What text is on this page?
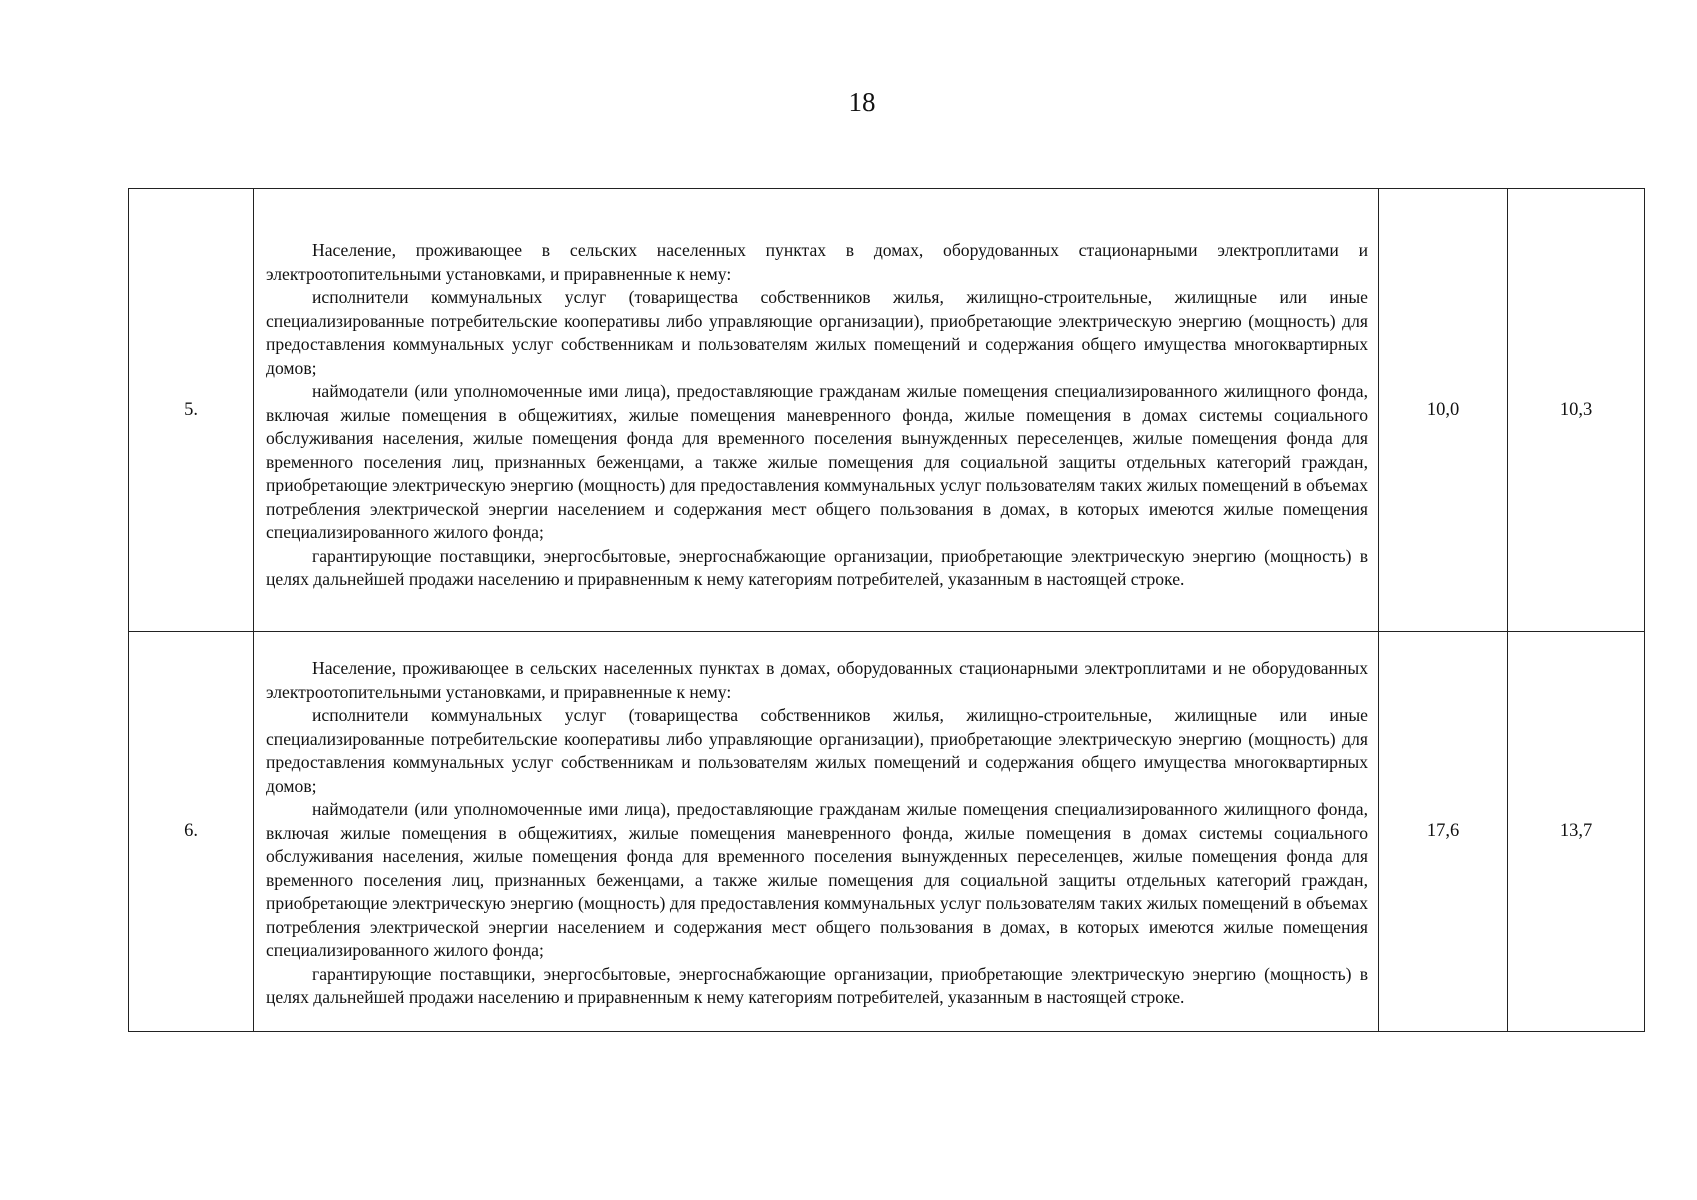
18
5.	Население, проживающее в сельских населенных пунктах в домах, оборудованных стационарными электроплитами и электроотопительными установками, и приравненные к нему:

исполнители коммунальных услуг (товарищества собственников жилья, жилищно-строительные, жилищные или иные специализированные потребительские кооперативы либо управляющие организации), приобретающие электрическую энергию (мощность) для предоставления коммунальных услуг собственникам и пользователям жилых помещений и содержания общего имущества многоквартирных домов;

наймодатели (или уполномоченные ими лица), предоставляющие гражданам жилые помещения специализированного жилищного фонда, включая жилые помещения в общежитиях, жилые помещения маневренного фонда, жилые помещения в домах системы социального обслуживания населения, жилые помещения фонда для временного поселения вынужденных переселенцев, жилые помещения фонда для временного поселения лиц, признанных беженцами, а также жилые помещения для социальной защиты отдельных категорий граждан, приобретающие электрическую энергию (мощность) для предоставления коммунальных услуг пользователям таких жилых помещений в объемах потребления электрической энергии населением и содержания мест общего пользования в домах, в которых имеются жилые помещения специализированного жилого фонда;

гарантирующие поставщики, энергосбытовые, энергоснабжающие организации, приобретающие электрическую энергию (мощность) в целях дальнейшей продажи населению и приравненным к нему категориям потребителей, указанным в настоящей строке.	10,0	10,3
6.	Население, проживающее в сельских населенных пунктах в домах, оборудованных стационарными электроплитами и не оборудованных электроотопительными установками, и приравненные к нему:

исполнители коммунальных услуг (товарищества собственников жилья, жилищно-строительные, жилищные или иные специализированные потребительские кооперативы либо управляющие организации), приобретающие электрическую энергию (мощность) для предоставления коммунальных услуг собственникам и пользователям жилых помещений и содержания общего имущества многоквартирных домов;

наймодатели (или уполномоченные ими лица), предоставляющие гражданам жилые помещения специализированного жилищного фонда, включая жилые помещения в общежитиях, жилые помещения маневренного фонда, жилые помещения в домах системы социального обслуживания населения, жилые помещения фонда для временного поселения вынужденных переселенцев, жилые помещения фонда для временного поселения лиц, признанных беженцами, а также жилые помещения для социальной защиты отдельных категорий граждан, приобретающие электрическую энергию (мощность) для предоставления коммунальных услуг пользователям таких жилых помещений в объемах потребления электрической энергии населением и содержания мест общего пользования в домах, в которых имеются жилые помещения специализированного жилого фонда;

гарантирующие поставщики, энергосбытовые, энергоснабжающие организации, приобретающие электрическую энергию (мощность) в целях дальнейшей продажи населению и приравненным к нему категориям потребителей, указанным в настоящей строке.	17,6	13,7
